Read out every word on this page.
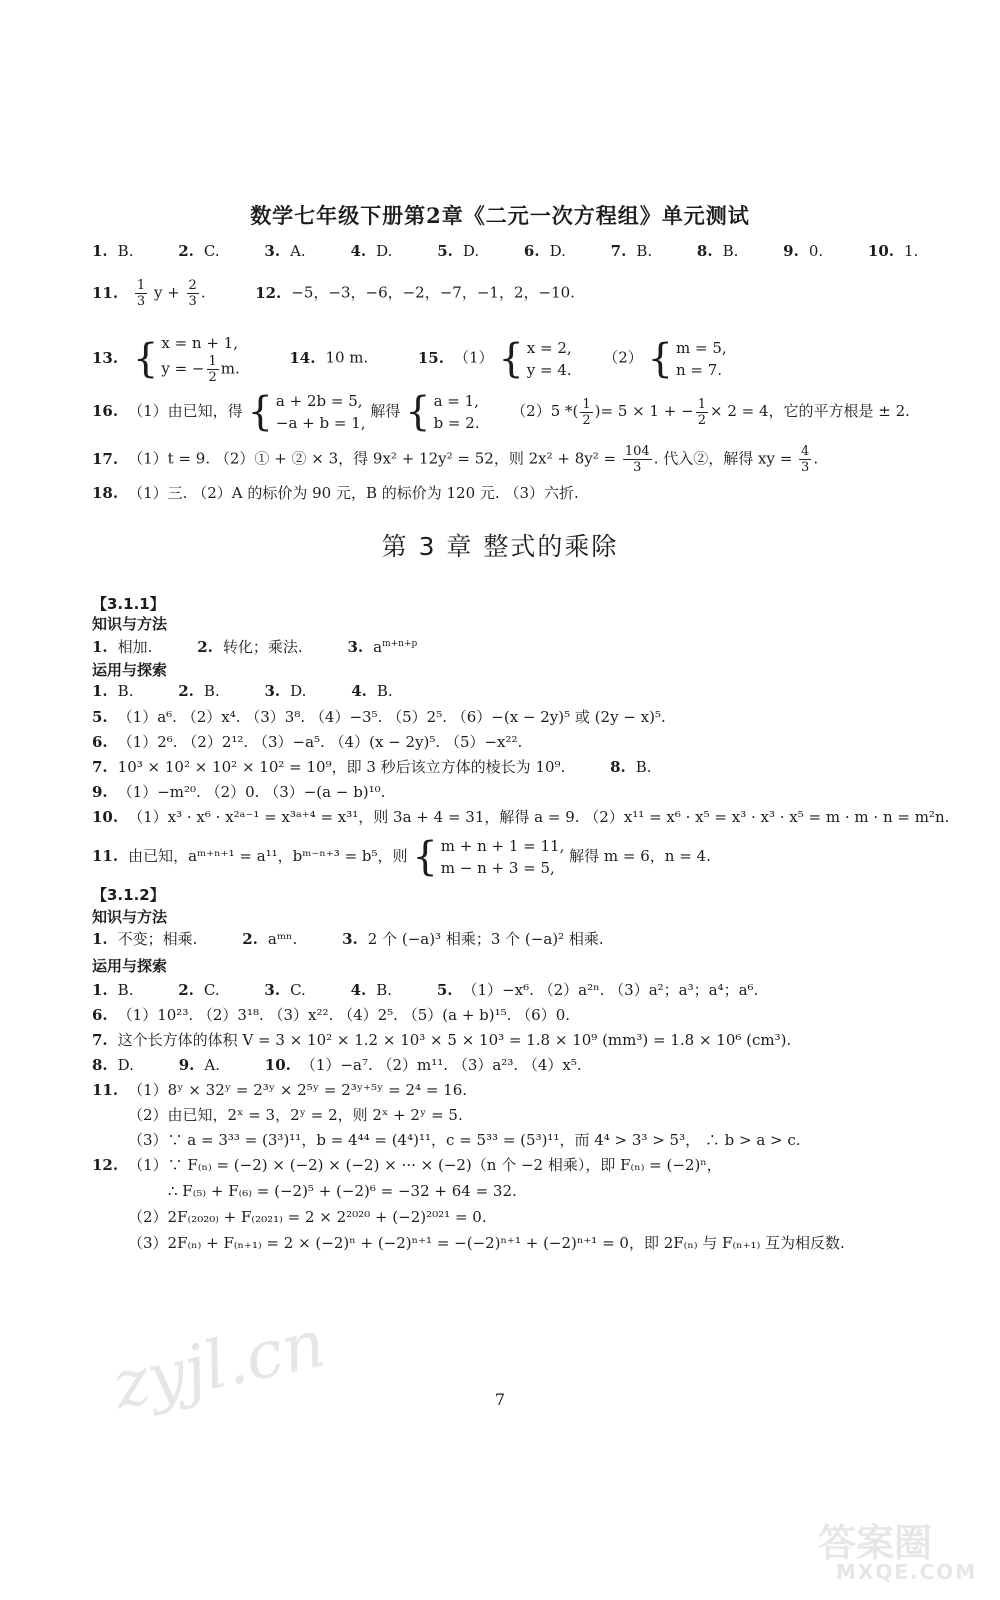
数学七年级下册第2章《二元一次方程组》单元测试
1. B.	2. C.	3. A.	4. D.	5. D.	6. D.	7. B.	8. B.	9. 0.	10. 1.
11. $\frac{1}{3}$ $y + \frac{2}{3}$ .	12. −5，−3，−6，−2，−7，−1，2，−10.
13. { x = n + 1,
y = − $\frac{1}{2} m$.
14. 10 m.	15. （1） { x = 2,
y = 4.
（2） { m = 5,
n = 7.
16. （1）由已知，得 { a + 2b = 5,
−a + b = 1,
解得 { a = 1,
b = 2.
（2）5 *( $\frac{1}{2}$ )= 5 × 1 + − $\frac{1}{2} \times 2 = 4$，它的平方根是 ± 2.
17. （1）t = 9. （2）① + ② × 3，得 9x² + 12y² = 52，则 $2x^2 + 8y^2 = \frac{104}{3}$ . 代入②，解得 xy = $\frac{4}{3}$ .
18. （1）三. （2）A 的标价为 90 元，B 的标价为 120 元. （3）六折.
第 3 章 整式的乘除
【3.1.1】
知识与方法
1. 相加.	2. 转化；乘法.	3. $a^{m+n+p}$
运用与探索
1. B.	2. B.	3. D.	4. B.
5. （1）a⁶. （2）x⁴. （3）3⁸. （4）−3⁵. （5）2⁵. （6）−(x − 2y)⁵ 或 (2y − x)⁵.
6. （1）2⁶. （2）2¹². （3）−a⁵. （4）(x − 2y)⁵. （5）−x²².
7. 10³ × 10² × 10² × 10² = 10⁹，即 3 秒后该立方体的棱长为 10⁹.	8. B.
9. （1）−m²⁰. （2）0. （3）−(a − b)¹⁰.
10. （1）x³ · x⁶ · x²ᵃ⁻¹ = x³ᵃ⁺⁴ = x³¹，则 3a + 4 = 31，解得 a = 9. （2）x¹¹ = x⁶ · x⁵ = x³ · x³ · x⁵ = m · m · n = m²n.
11. 由已知，aᵐ⁺ⁿ⁺¹ = a¹¹，bᵐ⁻ⁿ⁺³ = b⁵，则 { m + n + 1 = 11,
m − n + 3 = 5,
解得 m = 6，n = 4.
【3.1.2】
知识与方法
1. 不变；相乘.	2. aᵐⁿ.	3. 2 个 (−a)³ 相乘；3 个 (−a)² 相乘.
运用与探索
1. B.	2. C.	3. C.	4. B.	5. （1）−x⁶. （2）a²ⁿ. （3）a²；a³；a⁴；a⁶.
6. （1）10²³. （2）3¹⁸. （3）x²². （4）2⁵. （5）(a + b)¹⁵. （6）0.
7. 这个长方体的体积 V = 3 × 10² × 1.2 × 10³ × 5 × 10³ = 1.8 × 10⁹ (mm³) = 1.8 × 10⁶ (cm³).
8. D.	9. A.	10. （1）−a⁷. （2）m¹¹. （3）a²³. （4）x⁵.
11. （1）8ʸ × 32ʸ = 2³ʸ × 2⁵ʸ = 2³ʸ⁺⁵ʸ = 2⁴ = 16.
（2）由已知，2ˣ = 3，2ʸ = 2，则 2ˣ + 2ʸ = 5.
（3）∵ a = 3³³ = (3³)¹¹，b = 4⁴⁴ = (4⁴)¹¹，c = 5³³ = (5³)¹¹，而 4⁴ > 3³ > 5³， ∴ b > a > c.
12. （1）∵ F₍ₙ₎ = (−2) × (−2) × (−2) × ··· × (−2)（n 个 −2 相乘），即 F₍ₙ₎ = (−2)ⁿ，
∴ F₍₅₎ + F₍₆₎ = (−2)⁵ + (−2)⁶ = −32 + 64 = 32.
（2）2F₍₂₀₂₀₎ + F₍₂₀₂₁₎ = 2 × 2²⁰²⁰ + (−2)²⁰²¹ = 0.
（3）2F₍ₙ₎ + F₍ₙ₊₁₎ = 2 × (−2)ⁿ + (−2)ⁿ⁺¹ = −(−2)ⁿ⁺¹ + (−2)ⁿ⁺¹ = 0，即 2F₍ₙ₎ 与 F₍ₙ₊₁₎ 互为相反数.
zyjl.cn	7
答案圈
MXQE.COM
